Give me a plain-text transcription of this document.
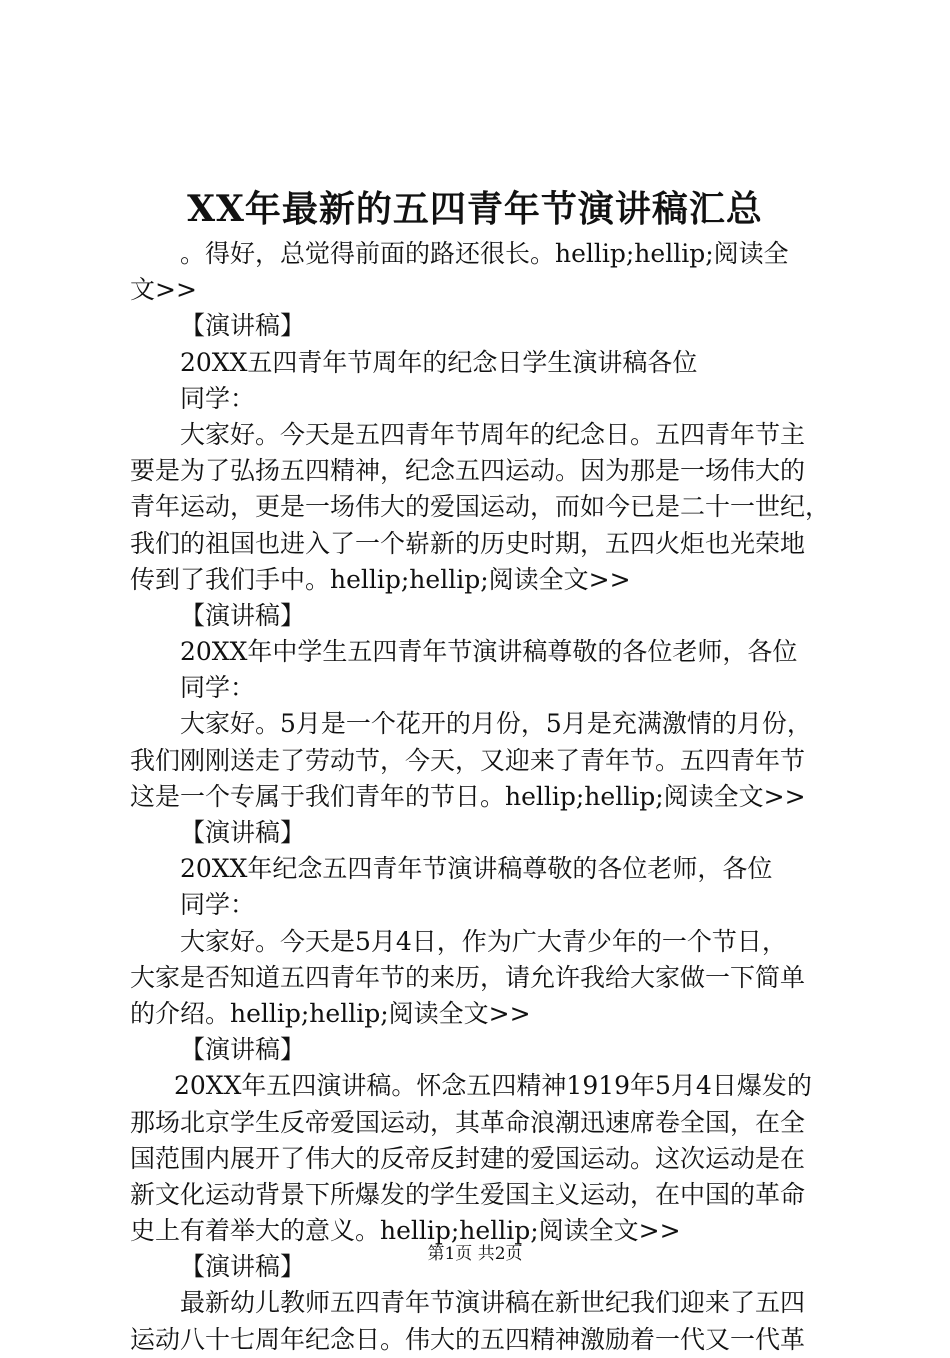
XX年最新的五四青年节演讲稿汇总
。得好，总觉得前面的路还很长。hellip;hellip;阅读全
文>>
【演讲稿】
20XX五四青年节周年的纪念日学生演讲稿各位
同学：
大家好。今天是五四青年节周年的纪念日。五四青年节主
要是为了弘扬五四精神，纪念五四运动。因为那是一场伟大的
青年运动，更是一场伟大的爱国运动，而如今已是二十一世纪，
我们的祖国也进入了一个崭新的历史时期，五四火炬也光荣地
传到了我们手中。hellip;hellip;阅读全文>>
【演讲稿】
20XX年中学生五四青年节演讲稿尊敬的各位老师，各位
同学：
大家好。5月是一个花开的月份，5月是充满激情的月份，
我们刚刚送走了劳动节，今天，又迎来了青年节。五四青年节
这是一个专属于我们青年的节日。hellip;hellip;阅读全文>>
【演讲稿】
20XX年纪念五四青年节演讲稿尊敬的各位老师，各位
同学：
大家好。今天是5月4日，作为广大青少年的一个节日，
大家是否知道五四青年节的来历，请允许我给大家做一下简单
的介绍。hellip;hellip;阅读全文>>
【演讲稿】
20XX年五四演讲稿。怀念五四精神1919年5月4日爆发的
那场北京学生反帝爱国运动，其革命浪潮迅速席卷全国，在全
国范围内展开了伟大的反帝反封建的爱国运动。这次运动是在
新文化运动背景下所爆发的学生爱国主义运动，在中国的革命
史上有着举大的意义。hellip;hellip;阅读全文>>
【演讲稿】
最新幼儿教师五四青年节演讲稿在新世纪我们迎来了五四
运动八十七周年纪念日。伟大的五四精神激励着一代又一代革
第1页 共2页
